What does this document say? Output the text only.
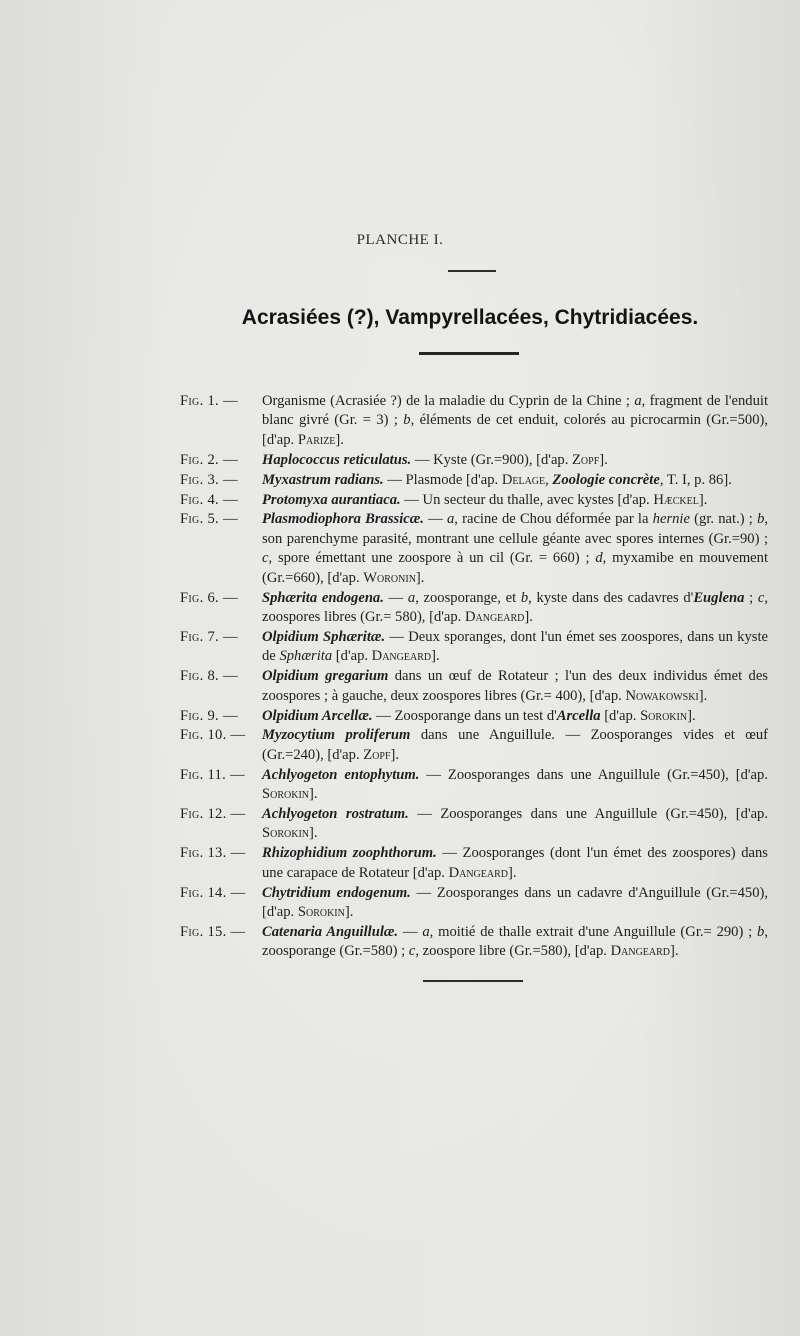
PLANCHE I.
Acrasiées (?), Vampyrellacées, Chytridiacées.
Fig. 1. —	Organisme (Acrasiée ?) de la maladie du Cyprin de la Chine ; a, fragment de l'enduit blanc givré (Gr. = 3) ; b, éléments de cet enduit, colorés au picrocarmin (Gr.=500), [d'ap. Parize].
Fig. 2. —	Haplococcus reticulatus. — Kyste (Gr.=900), [d'ap. Zopf].
Fig. 3. —	Myxastrum radians. — Plasmode [d'ap. Delage, Zoologie concrète, T. I, p. 86].
Fig. 4. —	Protomyxa aurantiaca. — Un secteur du thalle, avec kystes [d'ap. Hæckel].
Fig. 5. —	Plasmodiophora Brassicæ. — a, racine de Chou déformée par la hernie (gr. nat.) ; b, son parenchyme parasité, montrant une cellule géante avec spores internes (Gr.=90) ; c, spore émettant une zoospore à un cil (Gr. = 660) ; d, myxamibe en mouvement (Gr.=660), [d'ap. Woronin].
Fig. 6. —	Sphærita endogena. — a, zoosporange, et b, kyste dans des cadavres d'Euglena ; c, zoospores libres (Gr.= 580), [d'ap. Dangeard].
Fig. 7. —	Olpidium Sphæritæ. — Deux sporanges, dont l'un émet ses zoospores, dans un kyste de Sphærita [d'ap. Dangeard].
Fig. 8. —	Olpidium gregarium dans un œuf de Rotateur ; l'un des deux individus émet des zoospores ; à gauche, deux zoospores libres (Gr.= 400), [d'ap. Nowakowski].
Fig. 9. —	Olpidium Arcellæ. — Zoosporange dans un test d'Arcella [d'ap. Sorokin].
Fig. 10. —	Myzocytium proliferum dans une Anguillule. — Zoosporanges vides et œuf (Gr.=240), [d'ap. Zopf].
Fig. 11. —	Achlyogeton entophytum. — Zoosporanges dans une Anguillule (Gr.=450), [d'ap. Sorokin].
Fig. 12. —	Achlyogeton rostratum. — Zoosporanges dans une Anguillule (Gr.=450), [d'ap. Sorokin].
Fig. 13. —	Rhizophidium zoophthorum. — Zoosporanges (dont l'un émet des zoospores) dans une carapace de Rotateur [d'ap. Dangeard].
Fig. 14. —	Chytridium endogenum. — Zoosporanges dans un cadavre d'Anguillule (Gr.=450), [d'ap. Sorokin].
Fig. 15. —	Catenaria Anguillulæ. — a, moitié de thalle extrait d'une Anguillule (Gr.= 290) ; b, zoosporange (Gr.=580) ; c, zoospore libre (Gr.=580), [d'ap. Dangeard].
